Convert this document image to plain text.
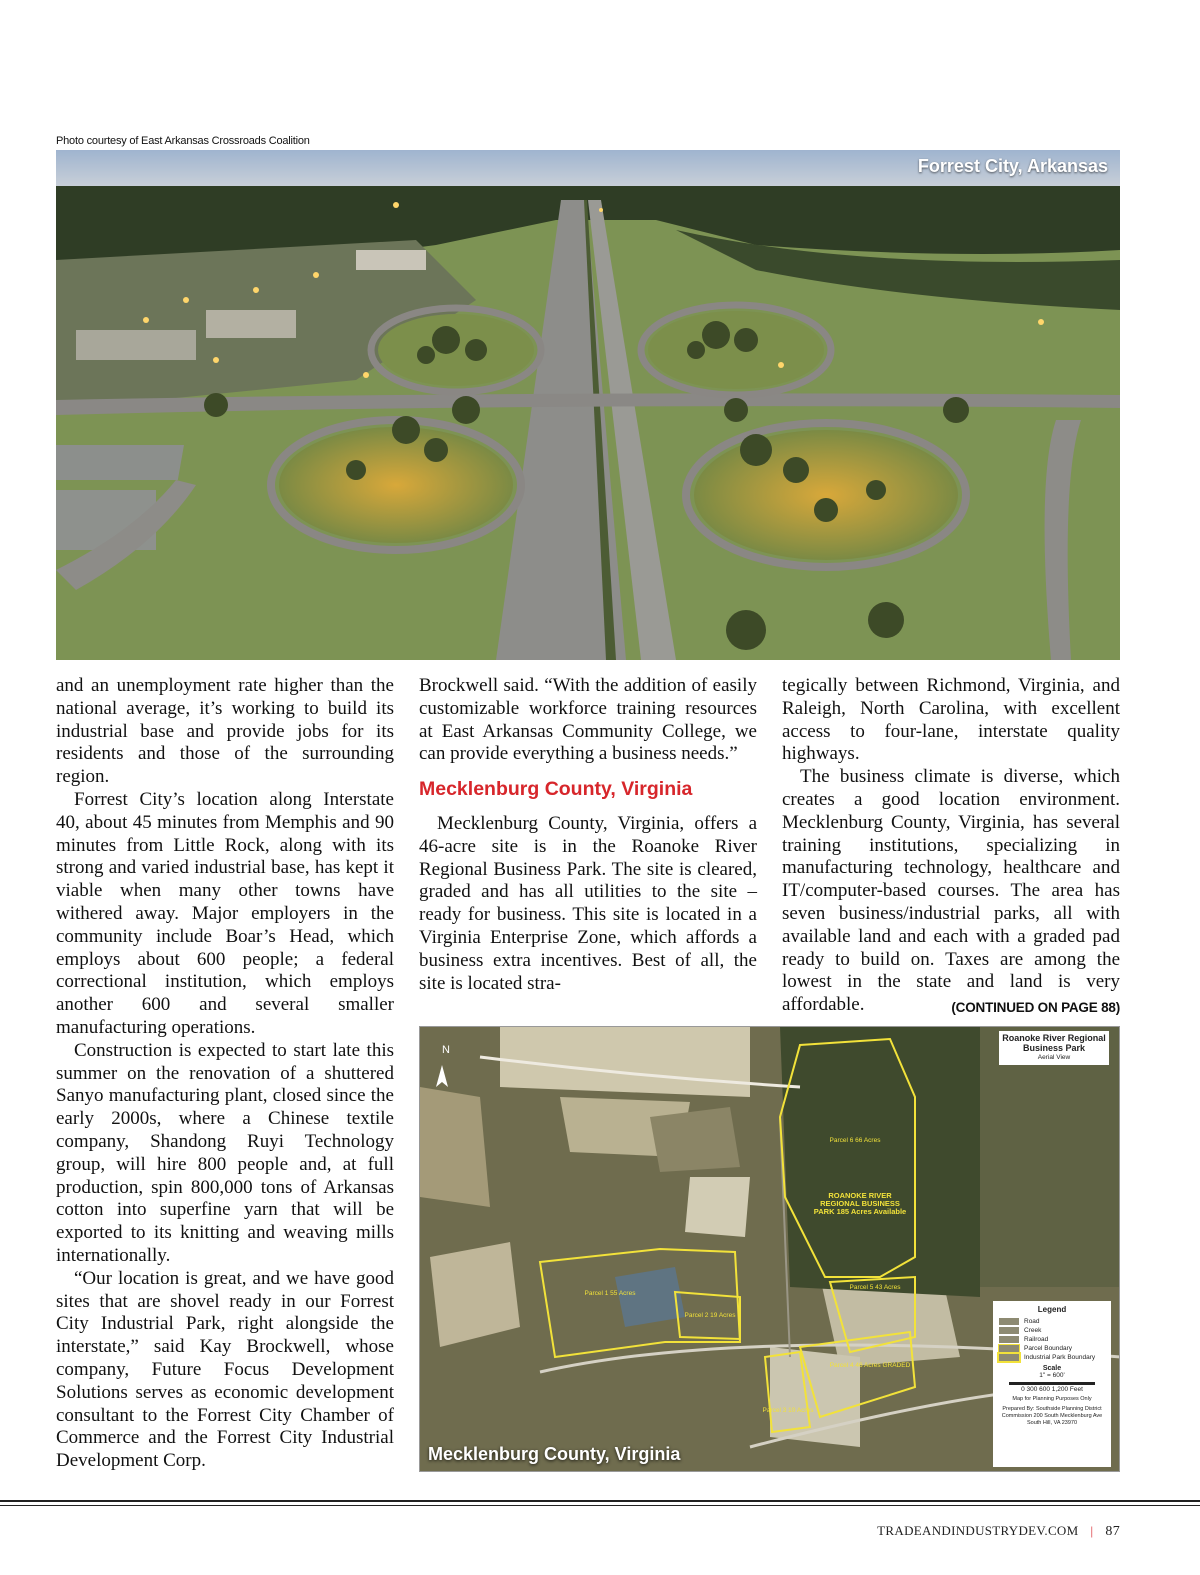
Photo courtesy of East Arkansas Crossroads Coalition
Forrest City, Arkansas

and an unemployment rate higher than the national average, it’s working to build its industrial base and provide jobs for its residents and those of the surrounding region.

Forrest City’s location along Interstate 40, about 45 minutes from Memphis and 90 minutes from Little Rock, along with its strong and varied industrial base, has kept it viable when many other towns have withered away. Major employers in the community include Boar’s Head, which employs about 600 people; a federal correctional institution, which employs another 600 and several smaller manufacturing operations.

Construction is expected to start late this summer on the renovation of a shuttered Sanyo manufacturing plant, closed since the early 2000s, where a Chinese textile company, Shandong Ruyi Technology group, will hire 800 people and, at full production, spin 800,000 tons of Arkansas cotton into superfine yarn that will be exported to its knitting and weaving mills internationally.

“Our location is great, and we have good sites that are shovel ready in our Forrest City Industrial Park, right alongside the interstate,” said Kay Brockwell, whose company, Future Focus Development Solutions serves as economic development consultant to the Forrest City Chamber of Commerce and the Forrest City Industrial Development Corp.

Brockwell said. “With the addition of easily customizable workforce training resources at East Arkansas Community College, we can provide everything a business needs.”

Mecklenburg County, Virginia

Mecklenburg County, Virginia, offers a 46-acre site is in the Roanoke River Regional Business Park. The site is cleared, graded and has all utilities to the site – ready for business. This site is located in a Virginia Enterprise Zone, which affords a business extra incentives. Best of all, the site is located stra-

tegically between Richmond, Virginia, and Raleigh, North Carolina, with excellent access to four-lane, interstate quality highways.

The business climate is diverse, which creates a good location environment. Mecklenburg County, Virginia, has several training institutions, specializing in manufacturing technology, healthcare and IT/computer-based courses. The area has seven business/industrial parks, all with available land and each with a graded pad ready to build on. Taxes are among the lowest in the state and land is very affordable.	(CONTINUED ON PAGE 88)

Parcel 6 66 Acres
Parcel 1 55 Acres
Parcel 2 19 Acres
Parcel 5 43 Acres
Parcel 4 46 Acres GRADED
Parcel 3 10 Acres
ROANOKE RIVER REGIONAL BUSINESS PARK 185 Acres Available
N
Roanoke River Regional Business Park
Aerial View
Legend
Road
Creek
Railroad
Parcel Boundary
Industrial Park Boundary
Scale
1" = 600'
0 300 600 1,200 Feet
Map for Planning Purposes Only
Prepared By: Southside Planning District Commission 200 South Mecklenburg Ave South Hill, VA 23970
Mecklenburg County, Virginia
TRADEANDINDUSTRYDEV.COM | 87
